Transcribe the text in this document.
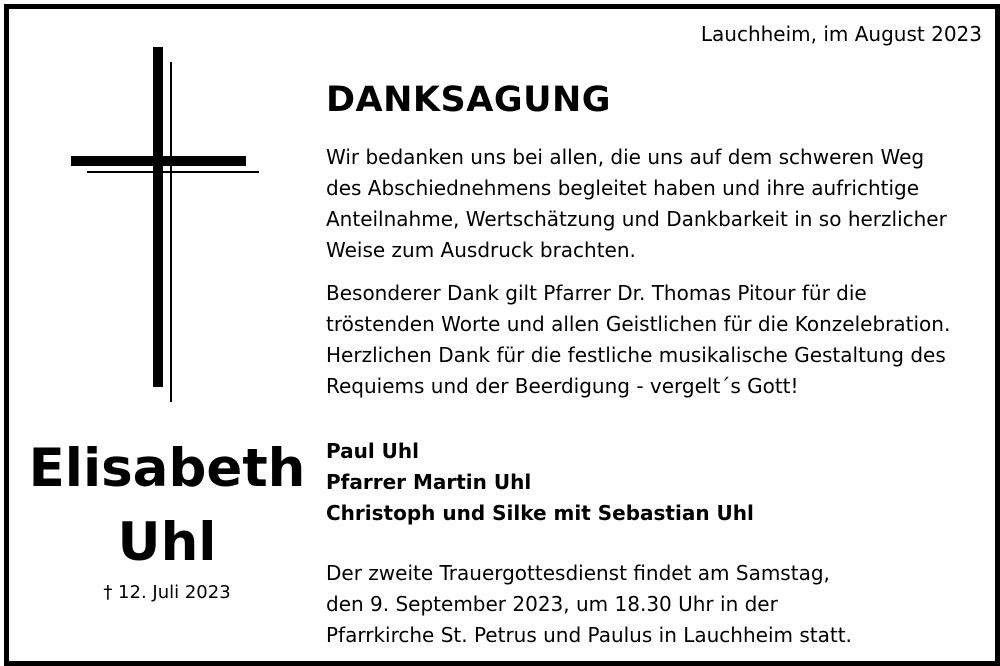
Lauchheim, im August 2023
DANKSAGUNG
Wir bedanken uns bei allen, die uns auf dem schweren Weg
des Abschiednehmens begleitet haben und ihre aufrichtige
Anteilnahme, Wertschätzung und Dankbarkeit in so herzlicher
Weise zum Ausdruck brachten.
Besonderer Dank gilt Pfarrer Dr. Thomas Pitour für die
tröstenden Worte und allen Geistlichen für die Konzelebration.
Herzlichen Dank für die festliche musikalische Gestaltung des
Requiems und der Beerdigung - vergelt´s Gott!
Paul Uhl
Pfarrer Martin Uhl
Christoph und Silke mit Sebastian Uhl
Der zweite Trauergottesdienst findet am Samstag,
den 9. September 2023, um 18.30 Uhr in der
Pfarrkirche St. Petrus und Paulus in Lauchheim statt.
Elisabeth
Uhl
† 12. Juli 2023
